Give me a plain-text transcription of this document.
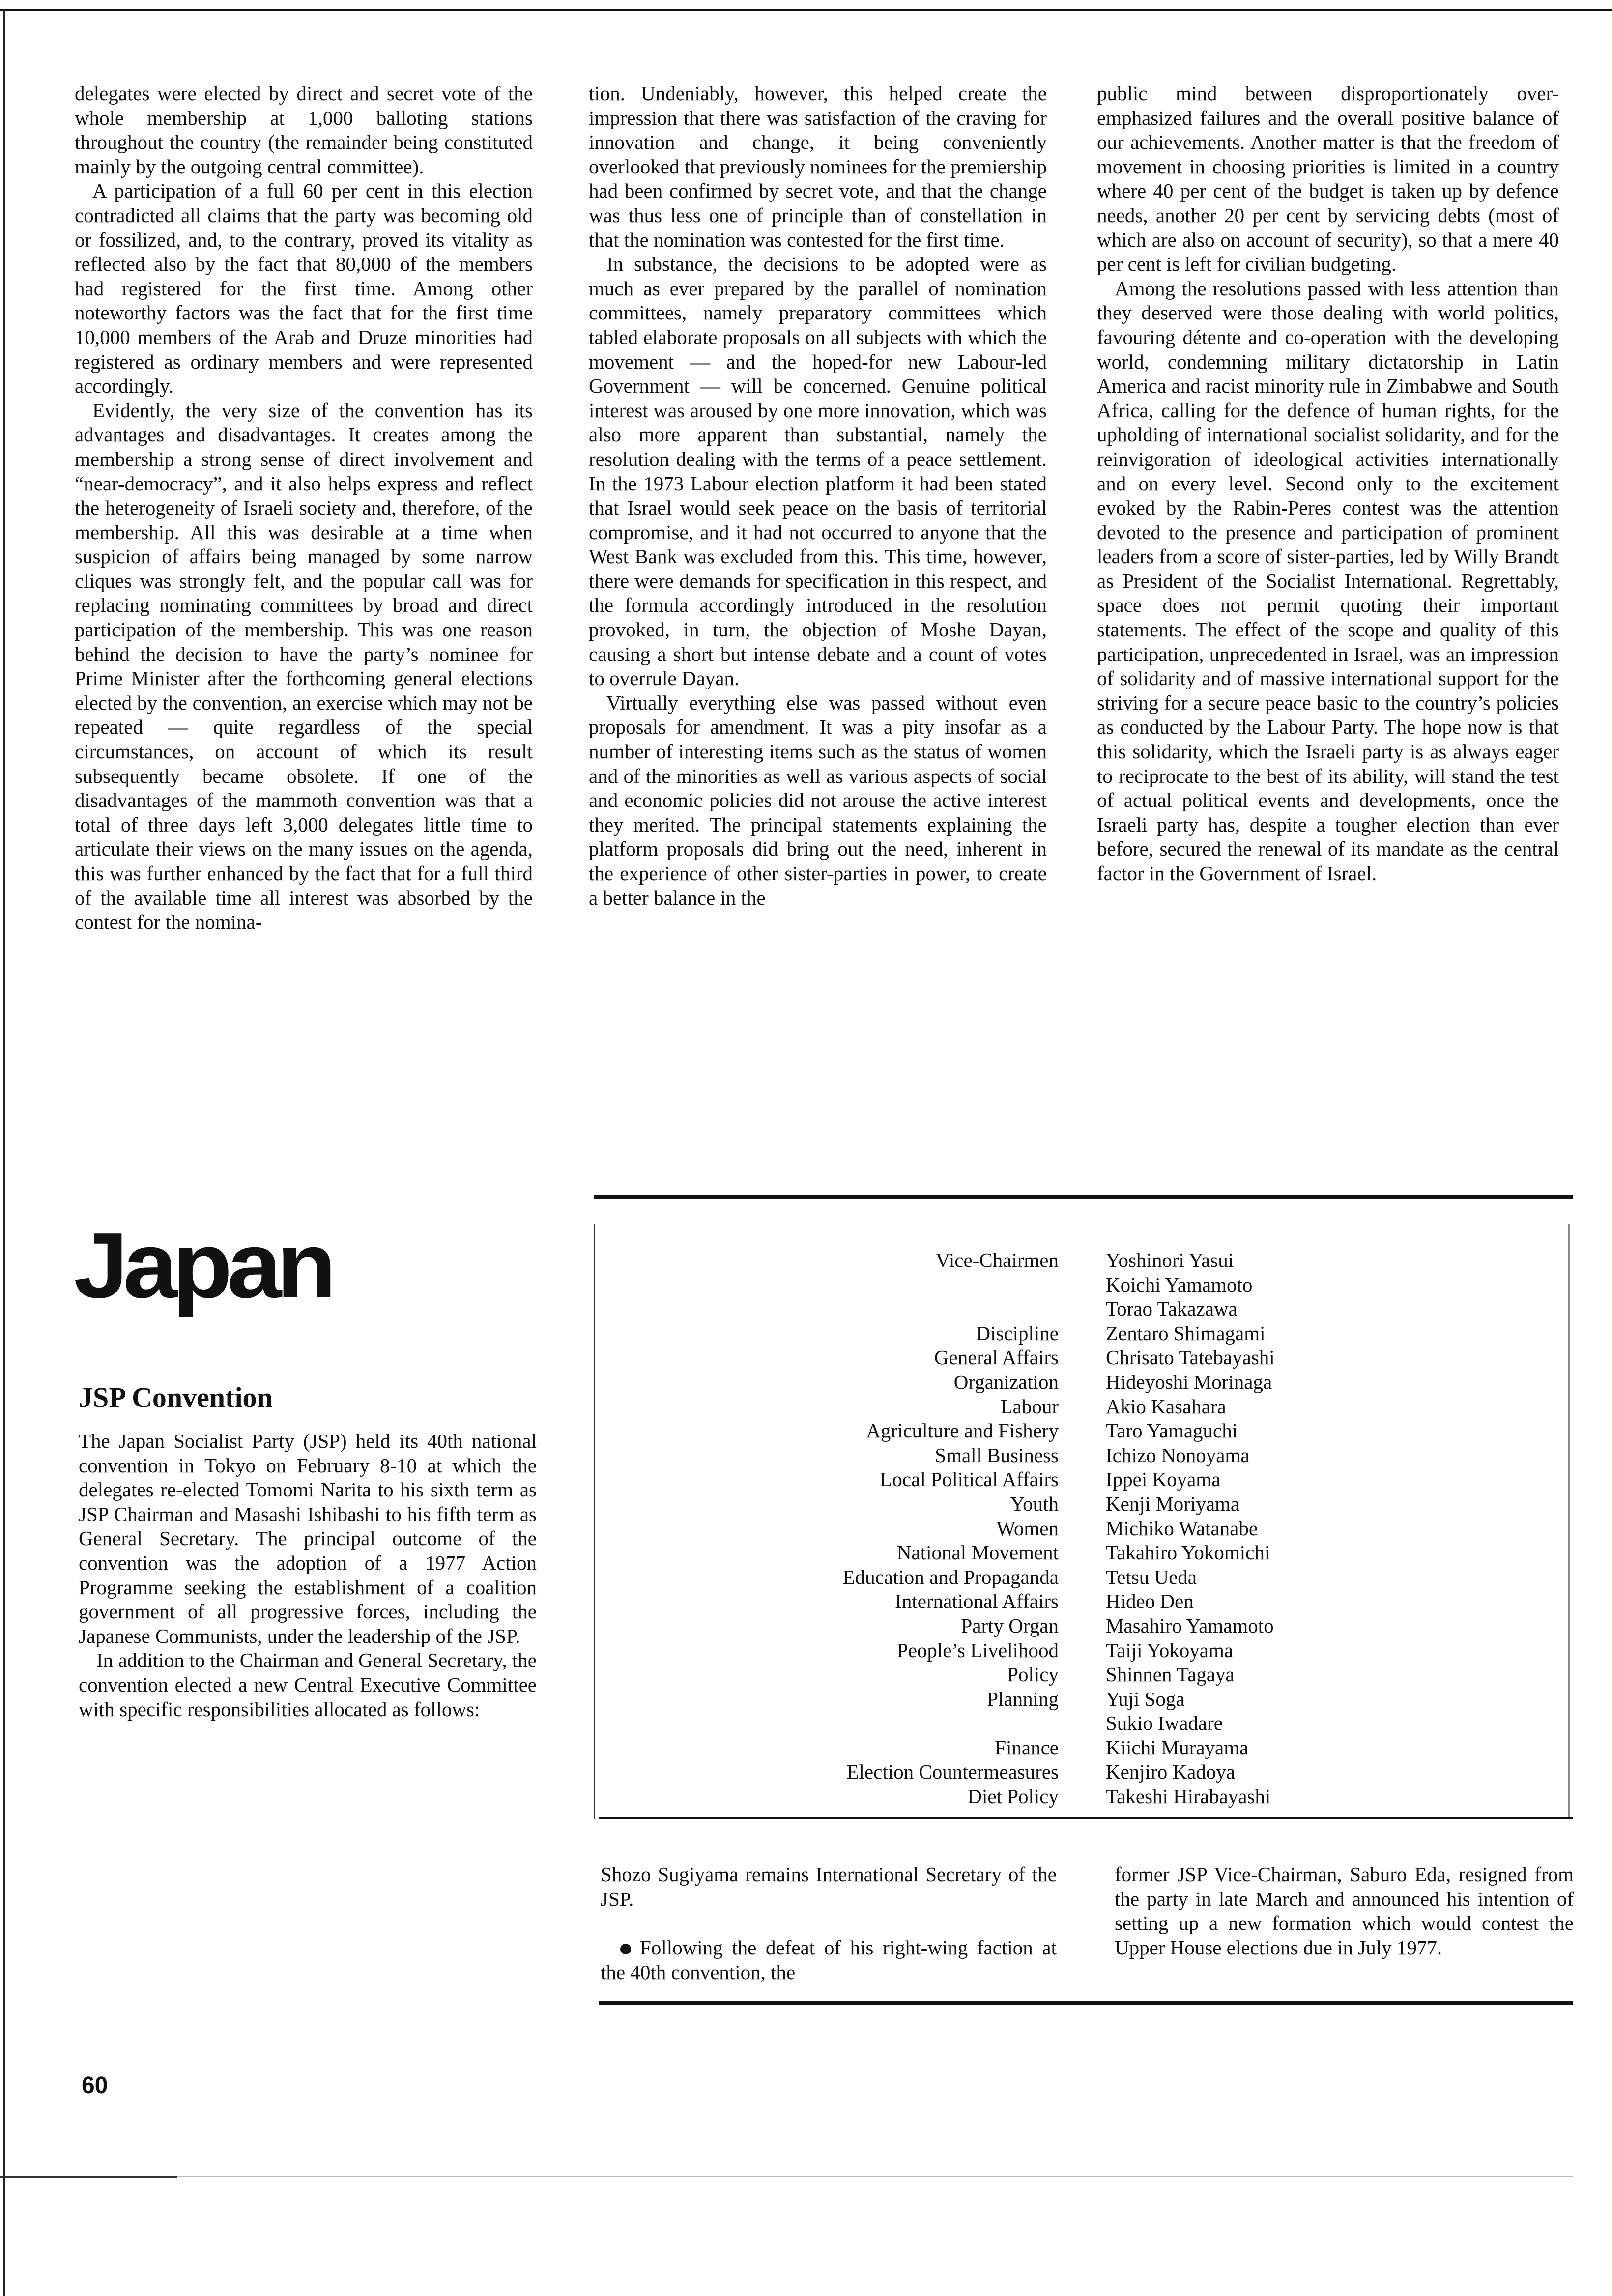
delegates were elected by direct and secret vote of the whole membership at 1,000 balloting stations throughout the country (the remainder being constituted mainly by the outgoing central committee).

A participation of a full 60 per cent in this election contradicted all claims that the party was becoming old or fossilized, and, to the contrary, proved its vitality as reflected also by the fact that 80,000 of the members had registered for the first time. Among other noteworthy factors was the fact that for the first time 10,000 members of the Arab and Druze minorities had registered as ordinary members and were represented accordingly.

Evidently, the very size of the convention has its advantages and disadvantages. It creates among the membership a strong sense of direct involvement and “near-democracy”, and it also helps express and reflect the heterogeneity of Israeli society and, therefore, of the membership. All this was desirable at a time when suspicion of affairs being managed by some narrow cliques was strongly felt, and the popular call was for replacing nominating committees by broad and direct participation of the membership. This was one reason behind the decision to have the party’s nominee for Prime Minister after the forthcoming general elections elected by the convention, an exercise which may not be repeated — quite regardless of the special circumstances, on account of which its result subsequently became obsolete. If one of the disadvantages of the mammoth convention was that a total of three days left 3,000 delegates little time to articulate their views on the many issues on the agenda, this was further enhanced by the fact that for a full third of the available time all interest was absorbed by the contest for the nomina-

tion. Undeniably, however, this helped create the impression that there was satisfaction of the craving for innovation and change, it being conveniently overlooked that previously nominees for the premiership had been confirmed by secret vote, and that the change was thus less one of principle than of constellation in that the nomination was contested for the first time.

In substance, the decisions to be adopted were as much as ever prepared by the parallel of nomination committees, namely preparatory committees which tabled elaborate proposals on all subjects with which the movement — and the hoped-for new Labour-led Government — will be concerned. Genuine political interest was aroused by one more innovation, which was also more apparent than substantial, namely the resolution dealing with the terms of a peace settlement. In the 1973 Labour election platform it had been stated that Israel would seek peace on the basis of territorial compromise, and it had not occurred to anyone that the West Bank was excluded from this. This time, however, there were demands for specification in this respect, and the formula accordingly introduced in the resolution provoked, in turn, the objection of Moshe Dayan, causing a short but intense debate and a count of votes to overrule Dayan.

Virtually everything else was passed without even proposals for amendment. It was a pity insofar as a number of interesting items such as the status of women and of the minorities as well as various aspects of social and economic policies did not arouse the active interest they merited. The principal statements explaining the platform proposals did bring out the need, inherent in the experience of other sister-parties in power, to create a better balance in the

public mind between disproportionately over-emphasized failures and the overall positive balance of our achievements. Another matter is that the freedom of movement in choosing priorities is limited in a country where 40 per cent of the budget is taken up by defence needs, another 20 per cent by servicing debts (most of which are also on account of security), so that a mere 40 per cent is left for civilian budgeting.

Among the resolutions passed with less attention than they deserved were those dealing with world politics, favouring détente and co-operation with the developing world, condemning military dictatorship in Latin America and racist minority rule in Zimbabwe and South Africa, calling for the defence of human rights, for the upholding of international socialist solidarity, and for the reinvigoration of ideological activities internationally and on every level. Second only to the excitement evoked by the Rabin-Peres contest was the attention devoted to the presence and participation of prominent leaders from a score of sister-parties, led by Willy Brandt as President of the Socialist International. Regrettably, space does not permit quoting their important statements. The effect of the scope and quality of this participation, unprecedented in Israel, was an impression of solidarity and of massive international support for the striving for a secure peace basic to the country’s policies as conducted by the Labour Party. The hope now is that this solidarity, which the Israeli party is as always eager to reciprocate to the best of its ability, will stand the test of actual political events and developments, once the Israeli party has, despite a tougher election than ever before, secured the renewal of its mandate as the central factor in the Government of Israel.

Japan
JSP Convention

The Japan Socialist Party (JSP) held its 40th national convention in Tokyo on February 8-10 at which the delegates re-elected Tomomi Narita to his sixth term as JSP Chairman and Masashi Ishibashi to his fifth term as General Secretary. The principal outcome of the convention was the adoption of a 1977 Action Programme seeking the establishment of a coalition government of all progressive forces, including the Japanese Communists, under the leadership of the JSP.

In addition to the Chairman and General Secretary, the convention elected a new Central Executive Committee with specific responsibilities allocated as follows:

Vice-Chairmen
Discipline
General Affairs
Organization
Labour
Agriculture and Fishery
Small Business
Local Political Affairs
Youth
Women
National Movement
Education and Propaganda
International Affairs
Party Organ
People’s Livelihood
Policy
Planning
Finance
Election Countermeasures
Diet Policy
Yoshinori Yasui
Koichi Yamamoto
Torao Takazawa
Zentaro Shimagami
Chrisato Tatebayashi
Hideyoshi Morinaga
Akio Kasahara
Taro Yamaguchi
Ichizo Nonoyama
Ippei Koyama
Kenji Moriyama
Michiko Watanabe
Takahiro Yokomichi
Tetsu Ueda
Hideo Den
Masahiro Yamamoto
Taiji Yokoyama
Shinnen Tagaya
Yuji Soga
Sukio Iwadare
Kiichi Murayama
Kenjiro Kadoya
Takeshi Hirabayashi

Shozo Sugiyama remains International Secretary of the JSP.

Following the defeat of his right-wing faction at the 40th convention, the

former JSP Vice-Chairman, Saburo Eda, resigned from the party in late March and announced his intention of setting up a new formation which would contest the Upper House elections due in July 1977.

60
